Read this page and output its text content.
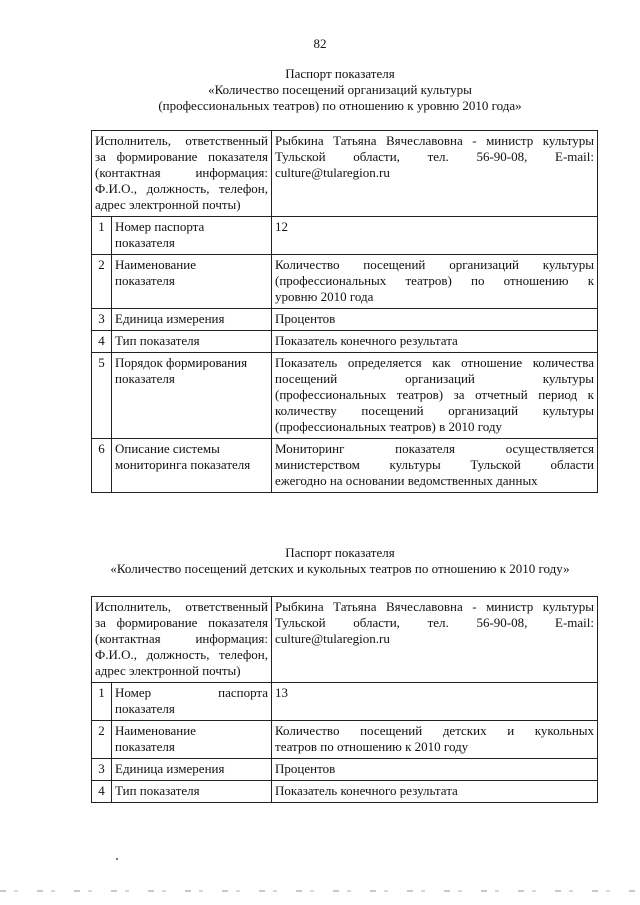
82
Паспорт показателя
«Количество посещений организаций культуры
(профессиональных театров) по отношению к уровню 2010 года»
Исполнитель, ответственный
за формирование показателя
(контактная информация:
Ф.И.О., должность, телефон,
адрес электронной почты)		Рыбкина Татьяна Вячеславовна - министр культуры
Тульской области, тел. 56-90-08, E-mail:
culture@tularegion.ru

1	Номер паспорта
показателя	12

2	Наименование
показателя	Количество посещений организаций культуры
(профессиональных театров) по отношению к
уровню 2010 года

3	Единица измерения	Процентов

4	Тип показателя	Показатель конечного результата

5	Порядок формирования
показателя	Показатель определяется как отношение количества
посещений организаций культуры
(профессиональных театров) за отчетный период к
количеству посещений организаций культуры
(профессиональных театров) в 2010 году

6	Описание системы
мониторинга показателя	Мониторинг показателя осуществляется
министерством культуры Тульской области
ежегодно на основании ведомственных данных
Паспорт показателя
«Количество посещений детских и кукольных театров по отношению к 2010 году»
Исполнитель, ответственный
за формирование показателя
(контактная информация:
Ф.И.О., должность, телефон,
адрес электронной почты)		Рыбкина Татьяна Вячеславовна - министр культуры
Тульской области, тел. 56-90-08, E-mail:
culture@tularegion.ru

1	Номер паспорта
показателя	13

2	Наименование
показателя	Количество посещений детских и кукольных
театров по отношению к 2010 году

3	Единица измерения	Процентов

4	Тип показателя	Показатель конечного результата
